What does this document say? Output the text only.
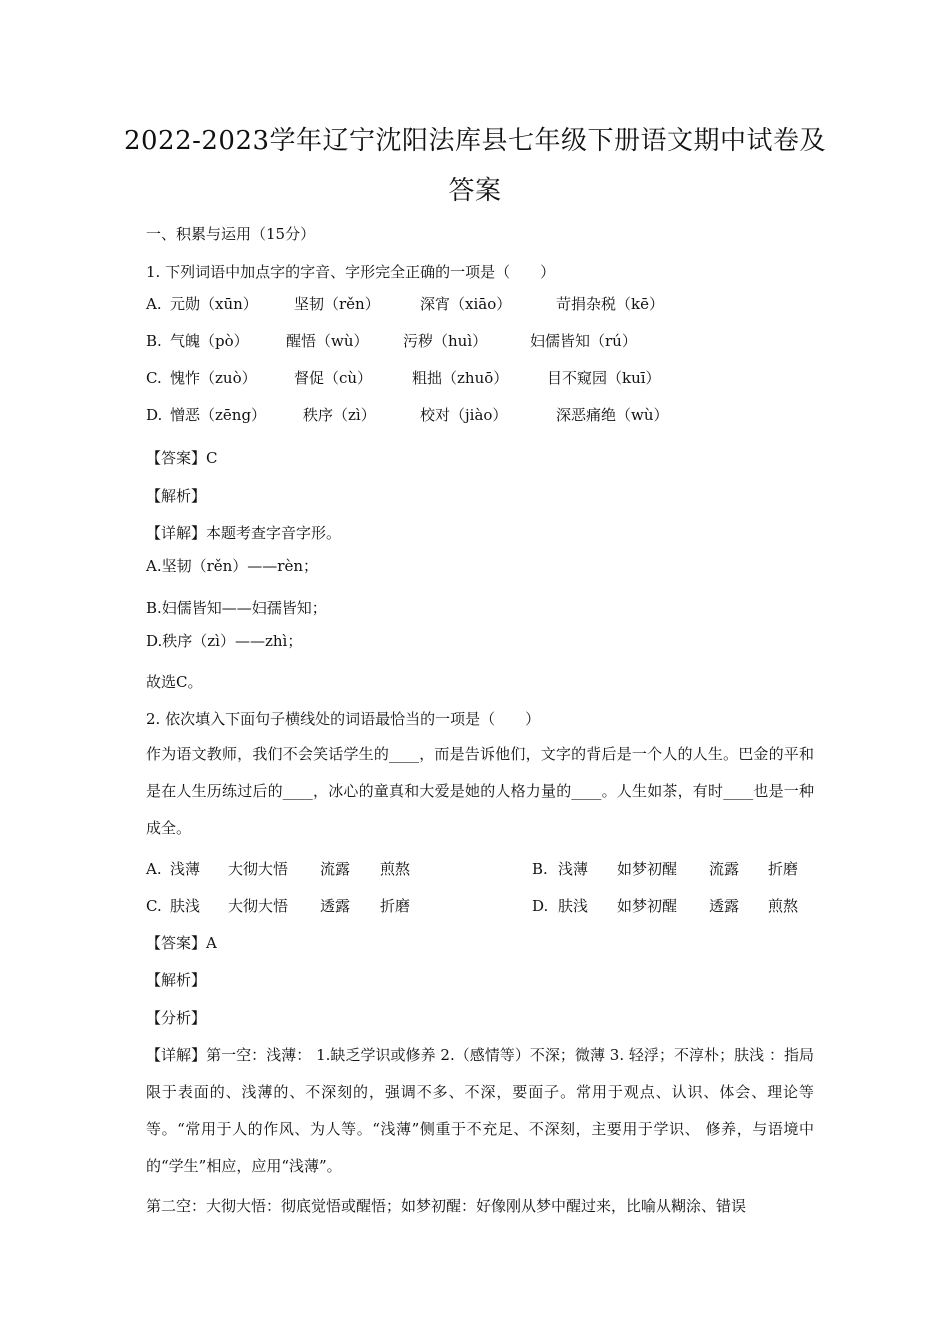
2022-2023学年辽宁沈阳法库县七年级下册语文期中试卷及
答案
一、积累与运用（15分）
1. 下列词语中加点字的字音、字形完全正确的一项是（　　）
A. 元勋（xūn） 坚韧（rěn）	深宵（xiāo）	苛捐杂税（kē）
B. 气魄（pò） 醒悟（wù） 污秽（huì）	妇儒皆知（rú）
C. 愧怍（zuò） 督促（cù）	粗拙（zhuō）	目不窥园（kuī）
D. 憎恶（zēng） 秩序（zì）	校对（jiào）	深恶痛绝（wù）
【答案】C
【解析】
【详解】本题考查字音字形。
A.坚韧（rěn）——rèn；
B.妇儒皆知——妇孺皆知；
D.秩序（zì）——zhì；
故选C。
2. 依次填入下面句子横线处的词语最恰当的一项是（　　）
作为语文教师，我们不会笑话学生的____，而是告诉他们，文字的背后是一个人的人生。巴金的平和是在人生历练过后的____，冰心的童真和大爱是她的人格力量的____。人生如茶，有时____也是一种成全。
A. 浅薄 大彻大悟 流露 煎熬	B. 浅薄 如梦初醒 流露 折磨
C. 肤浅 大彻大悟 透露 折磨	D. 肤浅 如梦初醒 透露 煎熬
【答案】A
【解析】
【分析】
【详解】第一空：浅薄： 1.缺乏学识或修养 2.（感情等）不深；微薄 3. 轻浮；不淳朴；肤浅 ：指局限于表面的、浅薄的、不深刻的，强调不多、不深，要面子。常用于观点、认识、体会、理论等等。“常用于人的作风、为人等。“浅薄”侧重于不充足、不深刻，主要用于学识、 修养，与语境中的“学生”相应，应用“浅薄”。
第二空：大彻大悟：彻底觉悟或醒悟；如梦初醒：好像刚从梦中醒过来，比喻从糊涂、错误
